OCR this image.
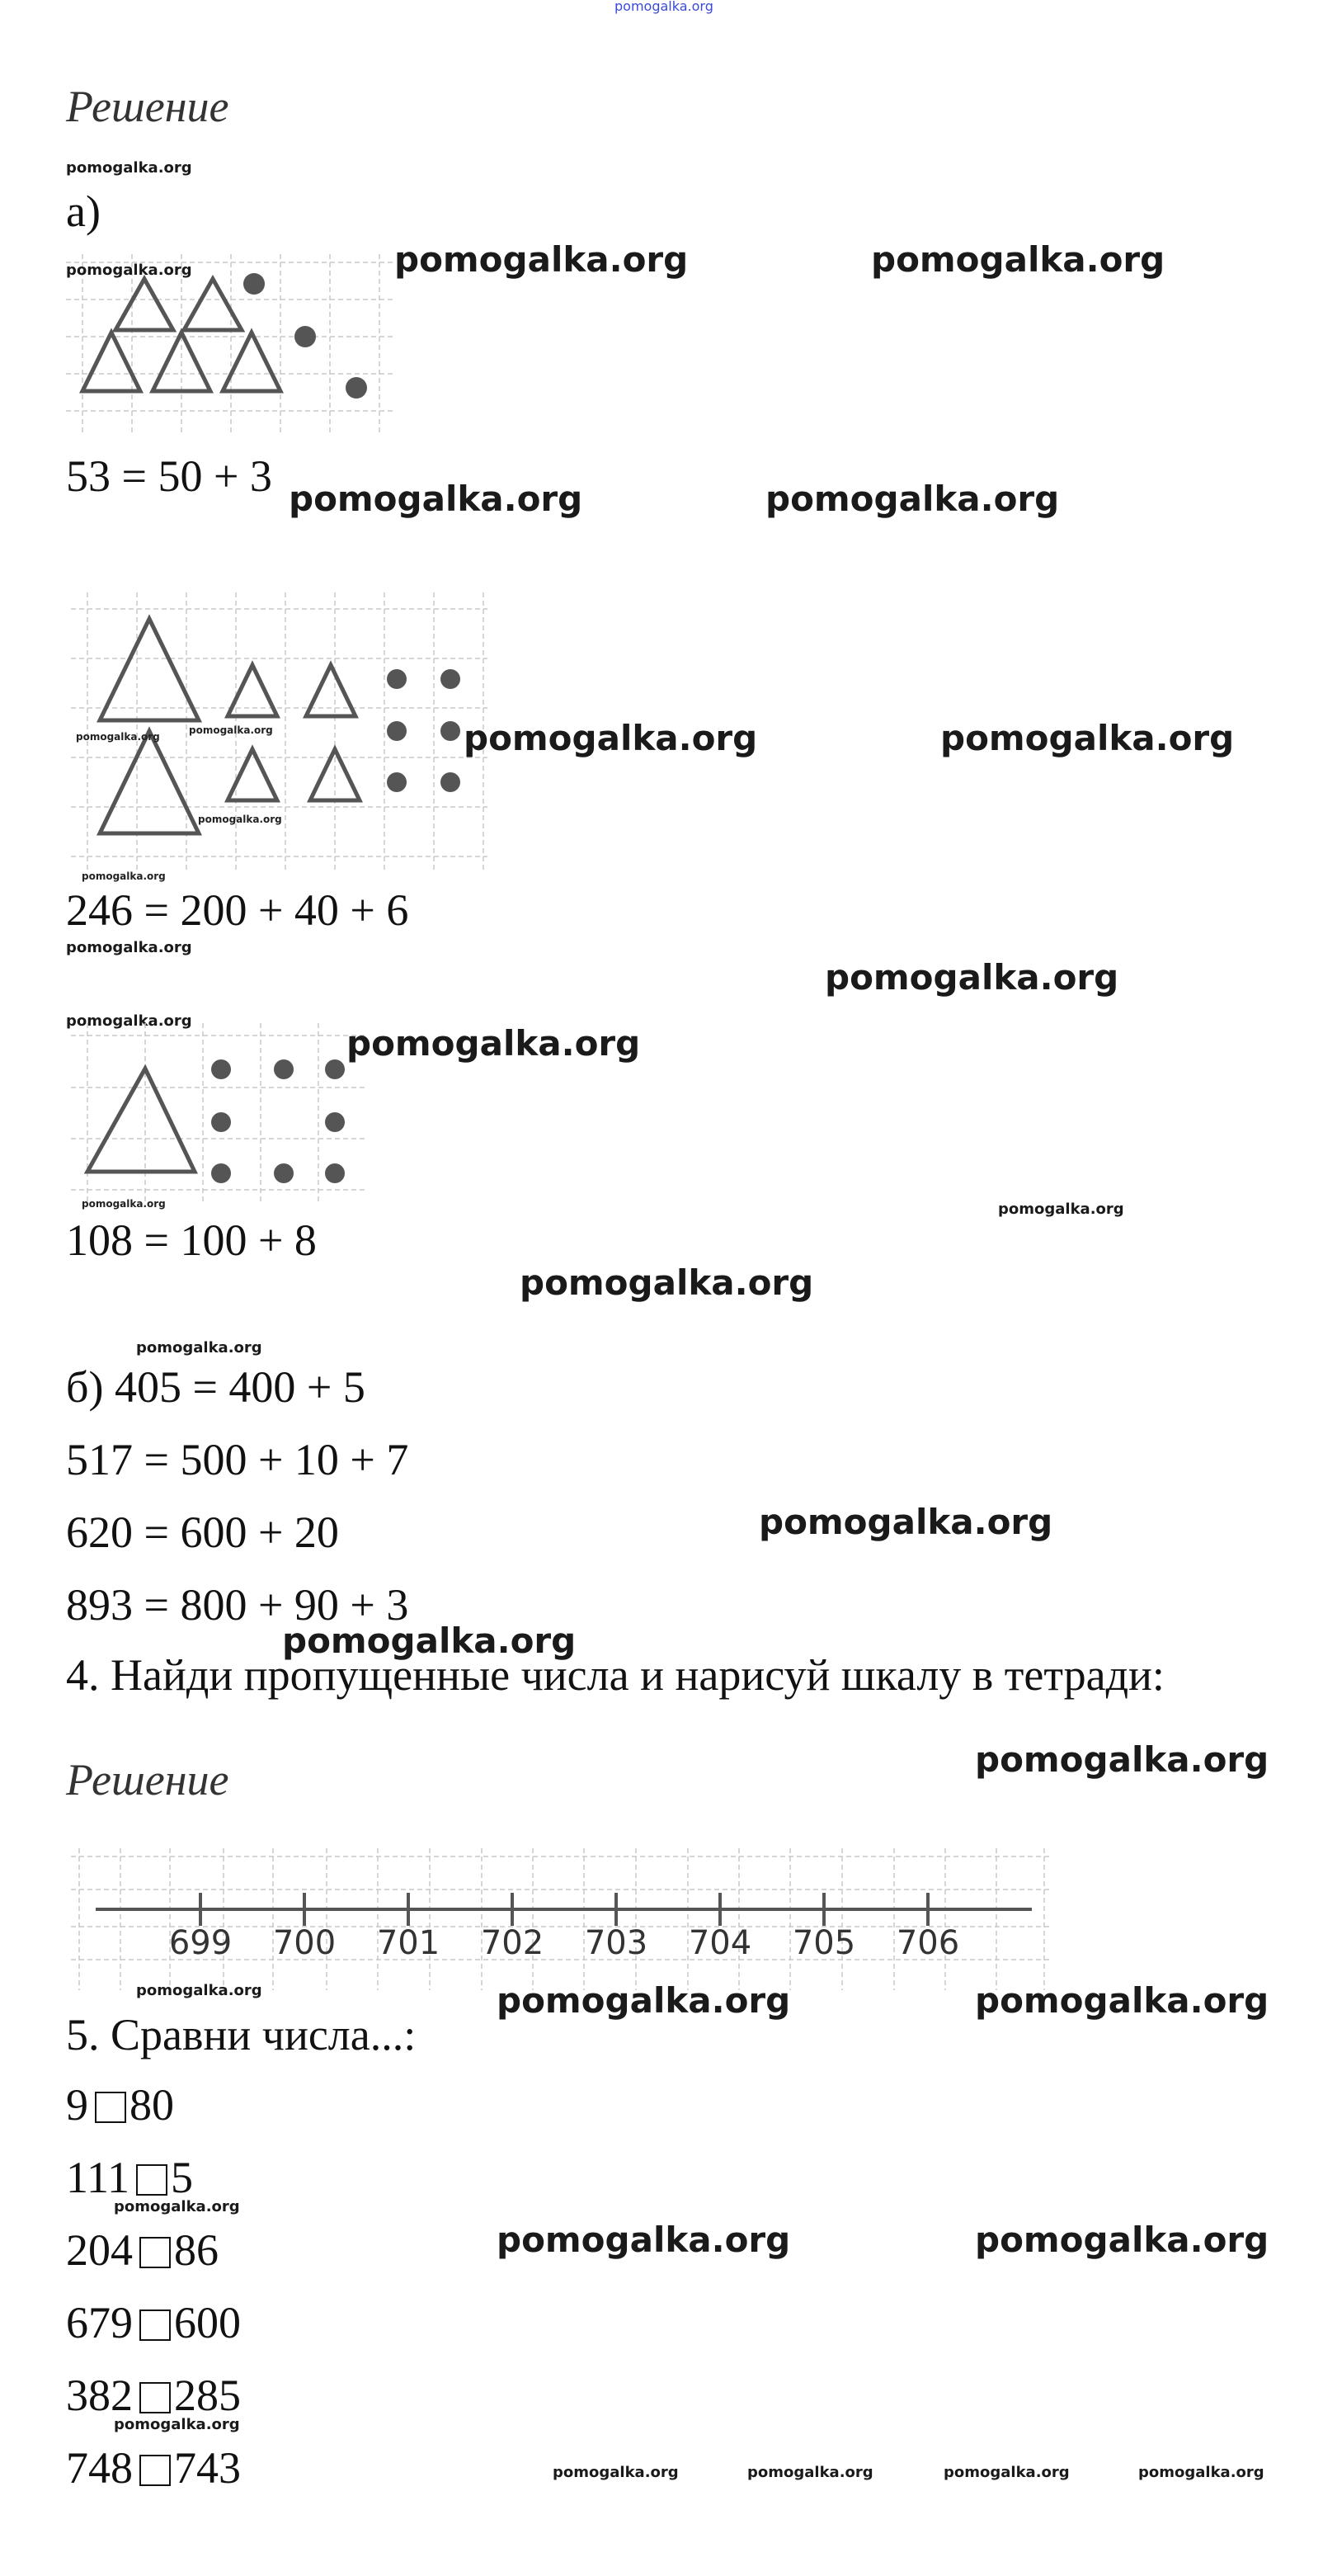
pomogalka.org
Решение
pomogalka.org
а)
pomogalka.org	pomogalka.org	pomogalka.org
53 = 50 + 3 pomogalka.org	pomogalka.org
pomogalka.org
pomogalka.org
pomogalka.org
pomogalka.org
pomogalka.org	pomogalka.org
246 = 200 + 40 + 6
pomogalka.org
pomogalka.org
pomogalka.org
pomogalka.org
pomogalka.org
pomogalka.org
108 = 100 + 8
pomogalka.org
pomogalka.org
б) 405 = 400 + 5
517 = 500 + 10 + 7
620 = 600 + 20	pomogalka.org
893 = 800 + 90 + 3
pomogalka.org
4. Найди пропущенные числа и нарисуй шкалу в тетради:
pomogalka.org
Решение
699 700 701 702 703 704 705 706
pomogalka.org	pomogalka.org	pomogalka.org
5. Сравни числа...:
9 80
111 5
pomogalka.org
204 86	pomogalka.org	pomogalka.org
679 600
382 285
pomogalka.org
748 743	pomogalka.org	pomogalka.org	pomogalka.org	pomogalka.org
